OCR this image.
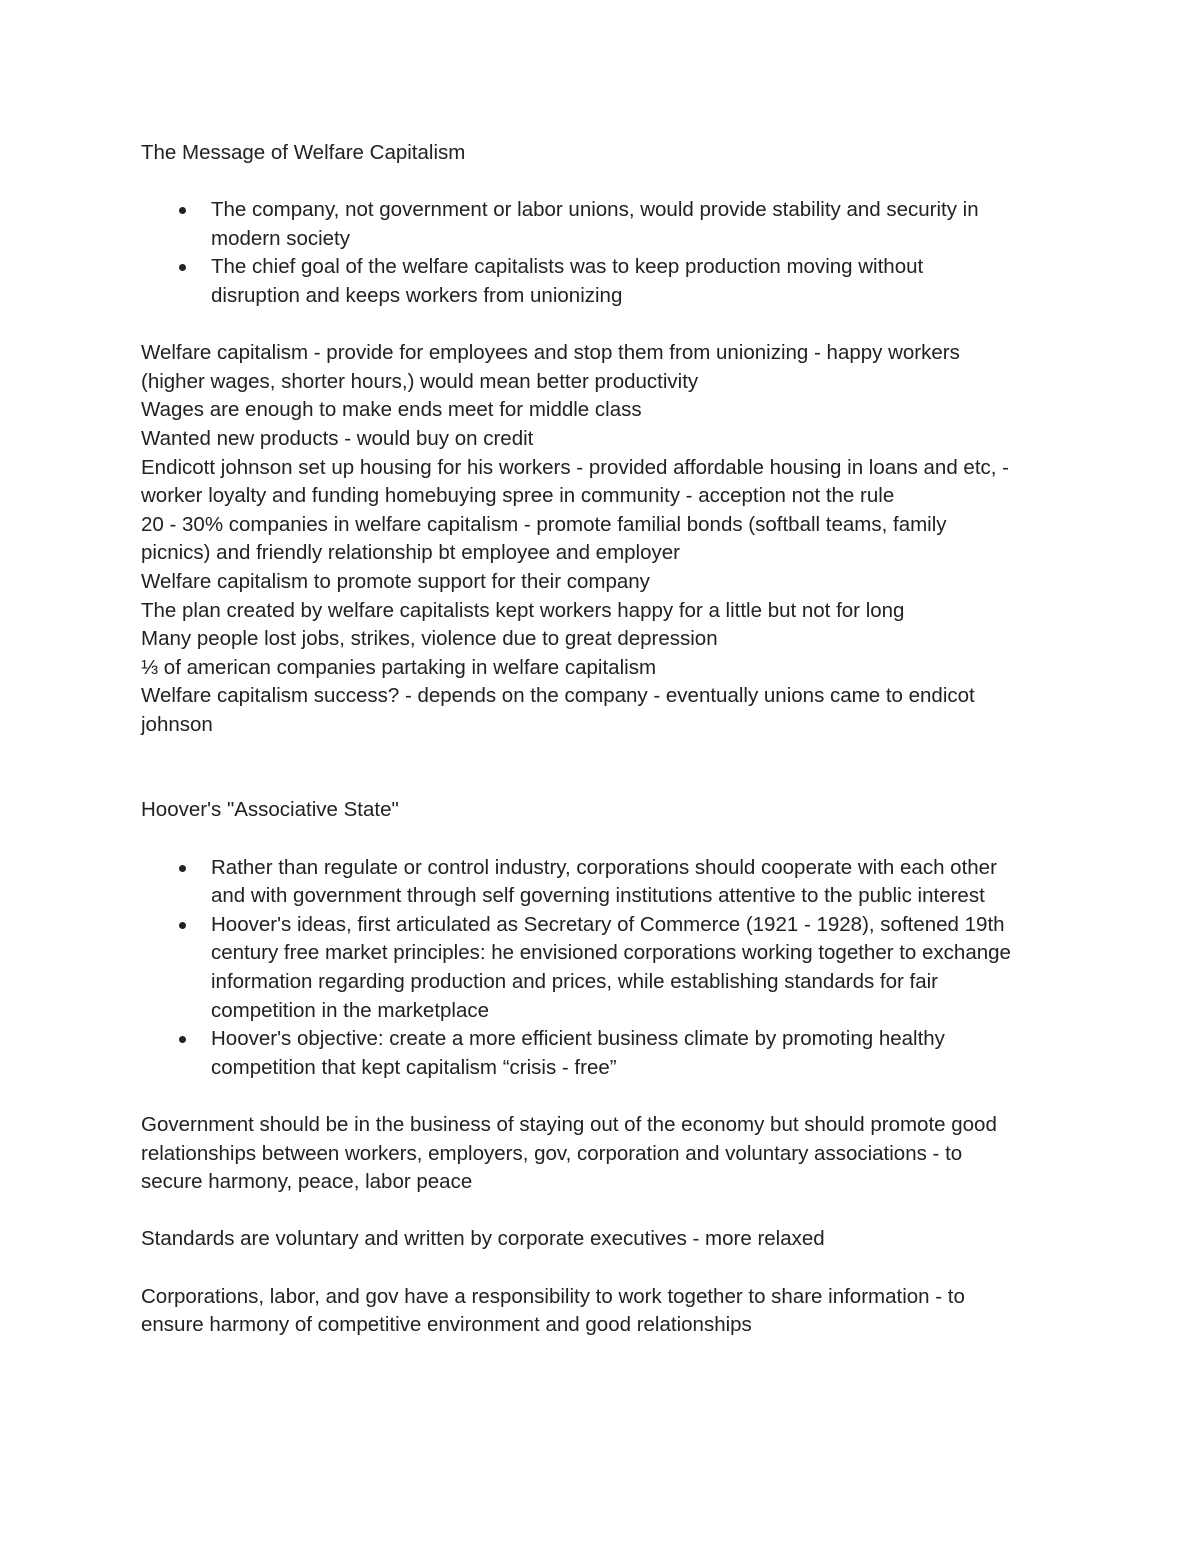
The Message of Welfare Capitalism

The company, not government or labor unions, would provide stability and security in

modern society

The chief goal of the welfare capitalists was to keep production moving without

disruption and keeps workers from unionizing

Welfare capitalism - provide for employees and stop them from unionizing - happy workers

(higher wages, shorter hours,) would mean better productivity

Wages are enough to make ends meet for middle class

Wanted new products - would buy on credit

Endicott johnson set up housing for his workers - provided affordable housing in loans and etc, -

worker loyalty and funding homebuying spree in community - acception not the rule

20 - 30% companies in welfare capitalism - promote familial bonds (softball teams, family

picnics) and friendly relationship bt employee and employer

Welfare capitalism to promote support for their company

The plan created by welfare capitalists kept workers happy for a little but not for long

Many people lost jobs, strikes, violence due to great depression

⅓ of american companies partaking in welfare capitalism

Welfare capitalism success? - depends on the company - eventually unions came to endicot

johnson

Hoover's "Associative State"

Rather than regulate or control industry, corporations should cooperate with each other

and with government through self governing institutions attentive to the public interest

Hoover's ideas, first articulated as Secretary of Commerce (1921 - 1928), softened 19th

century free market principles: he envisioned corporations working together to exchange

information regarding production and prices, while establishing standards for fair

competition in the marketplace

Hoover's objective: create a more efficient business climate by promoting healthy

competition that kept capitalism “crisis - free”

Government should be in the business of staying out of the economy but should promote good

relationships between workers, employers, gov, corporation and voluntary associations - to

secure harmony, peace, labor peace

Standards are voluntary and written by corporate executives - more relaxed

Corporations, labor, and gov have a responsibility to work together to share information - to

ensure harmony of competitive environment and good relationships
